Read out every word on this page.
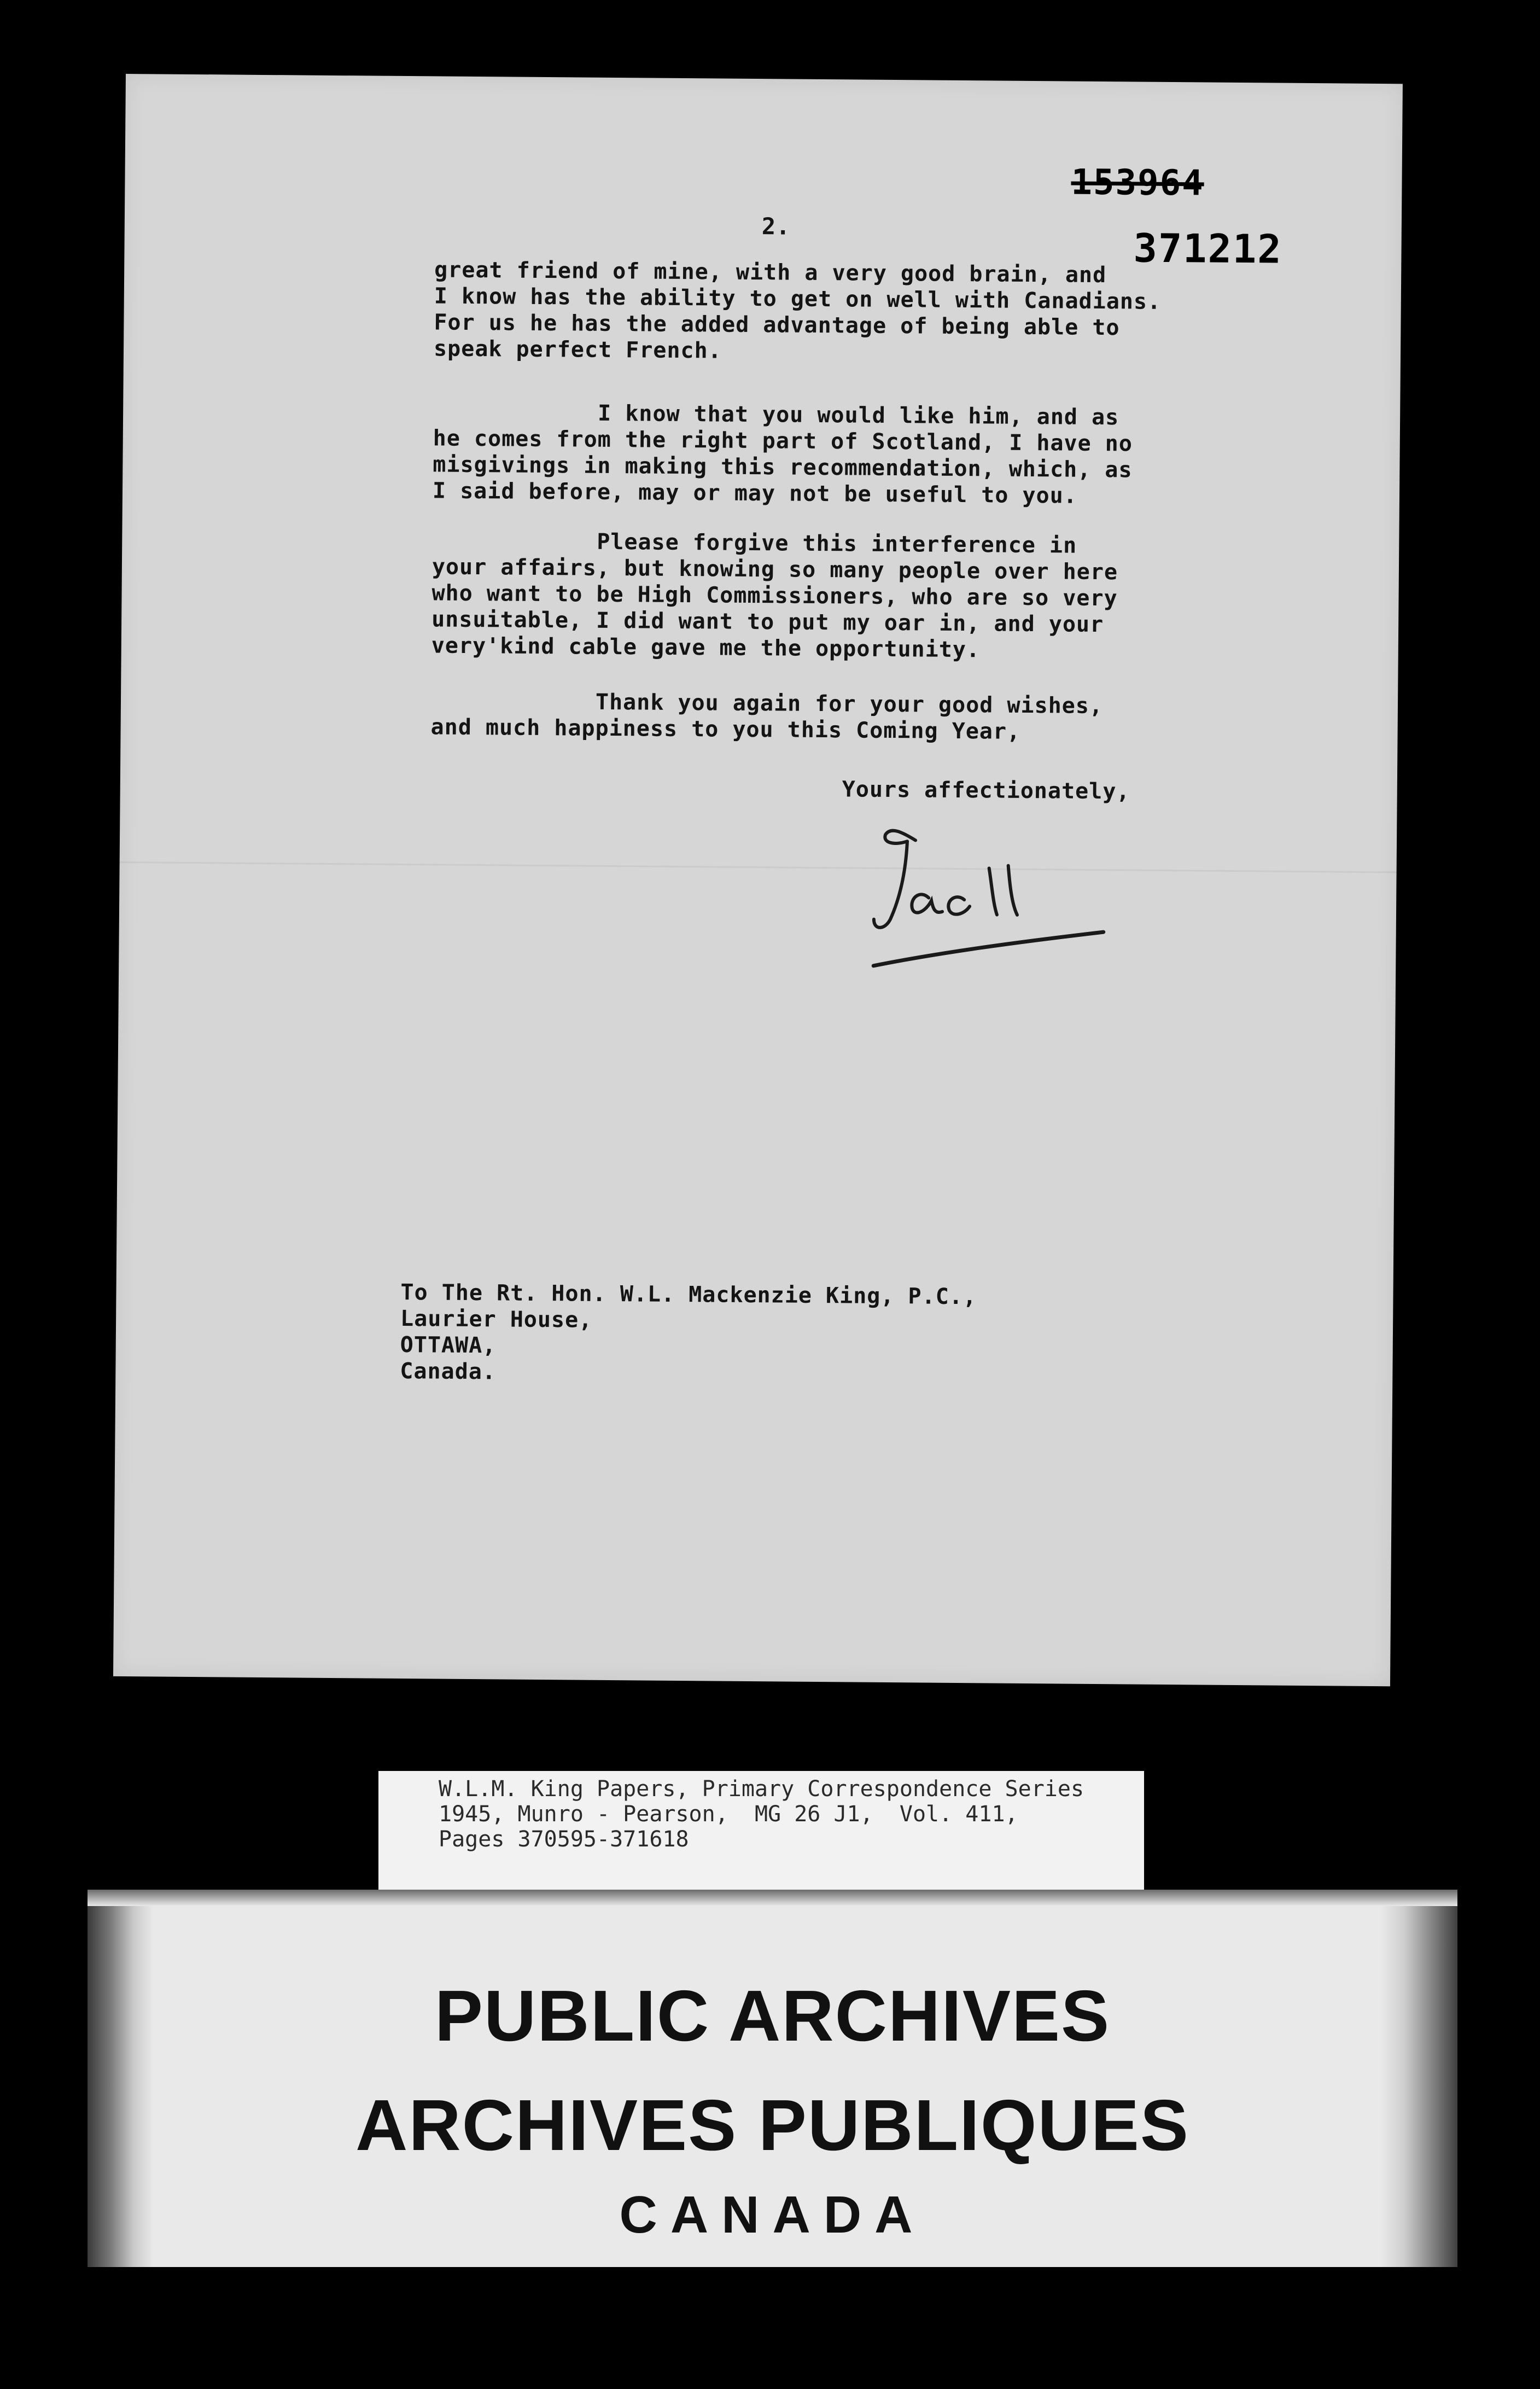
153964
371212
2.
great friend of mine, with a very good brain, and
I know has the ability to get on well with Canadians.
For us he has the added advantage of being able to
speak perfect French.
I know that you would like him, and as
he comes from the right part of Scotland, I have no
misgivings in making this recommendation, which, as
I said before, may or may not be useful to you.
Please forgive this interference in
your affairs, but knowing so many people over here
who want to be High Commissioners, who are so very
unsuitable, I did want to put my oar in, and your
very'kind cable gave me the opportunity.
Thank you again for your good wishes,
and much happiness to you this Coming Year,
Yours affectionately,
To The Rt. Hon. W.L. Mackenzie King, P.C.,
Laurier House,
OTTAWA,
Canada.
W.L.M. King Papers, Primary Correspondence Series
1945, Munro - Pearson,  MG 26 J1,  Vol. 411,
Pages 370595-371618
PUBLIC ARCHIVES
ARCHIVES PUBLIQUES
CANADA
